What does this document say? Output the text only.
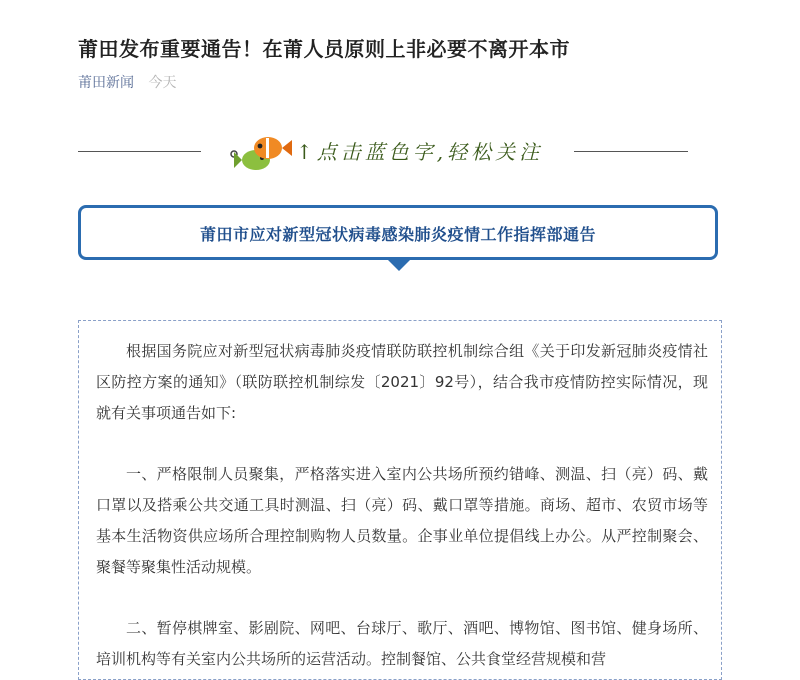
莆田发布重要通告！在莆人员原则上非必要不离开本市
莆田新闻 今天
↑点击蓝色字,轻松关注
莆田市应对新型冠状病毒感染肺炎疫情工作指挥部通告

根据国务院应对新型冠状病毒肺炎疫情联防联控机制综合组《关于印发新冠肺炎疫情社区防控方案的通知》（联防联控机制综发〔2021〕92号），结合我市疫情防控实际情况，现就有关事项通告如下:

一、严格限制人员聚集，严格落实进入室内公共场所预约错峰、测温、扫（亮）码、戴口罩以及搭乘公共交通工具时测温、扫（亮）码、戴口罩等措施。商场、超市、农贸市场等基本生活物资供应场所合理控制购物人员数量。企事业单位提倡线上办公。从严控制聚会、聚餐等聚集性活动规模。

二、暂停棋牌室、影剧院、网吧、台球厅、歌厅、酒吧、博物馆、图书馆、健身场所、培训机构等有关室内公共场所的运营活动。控制餐馆、公共食堂经营规模和营
